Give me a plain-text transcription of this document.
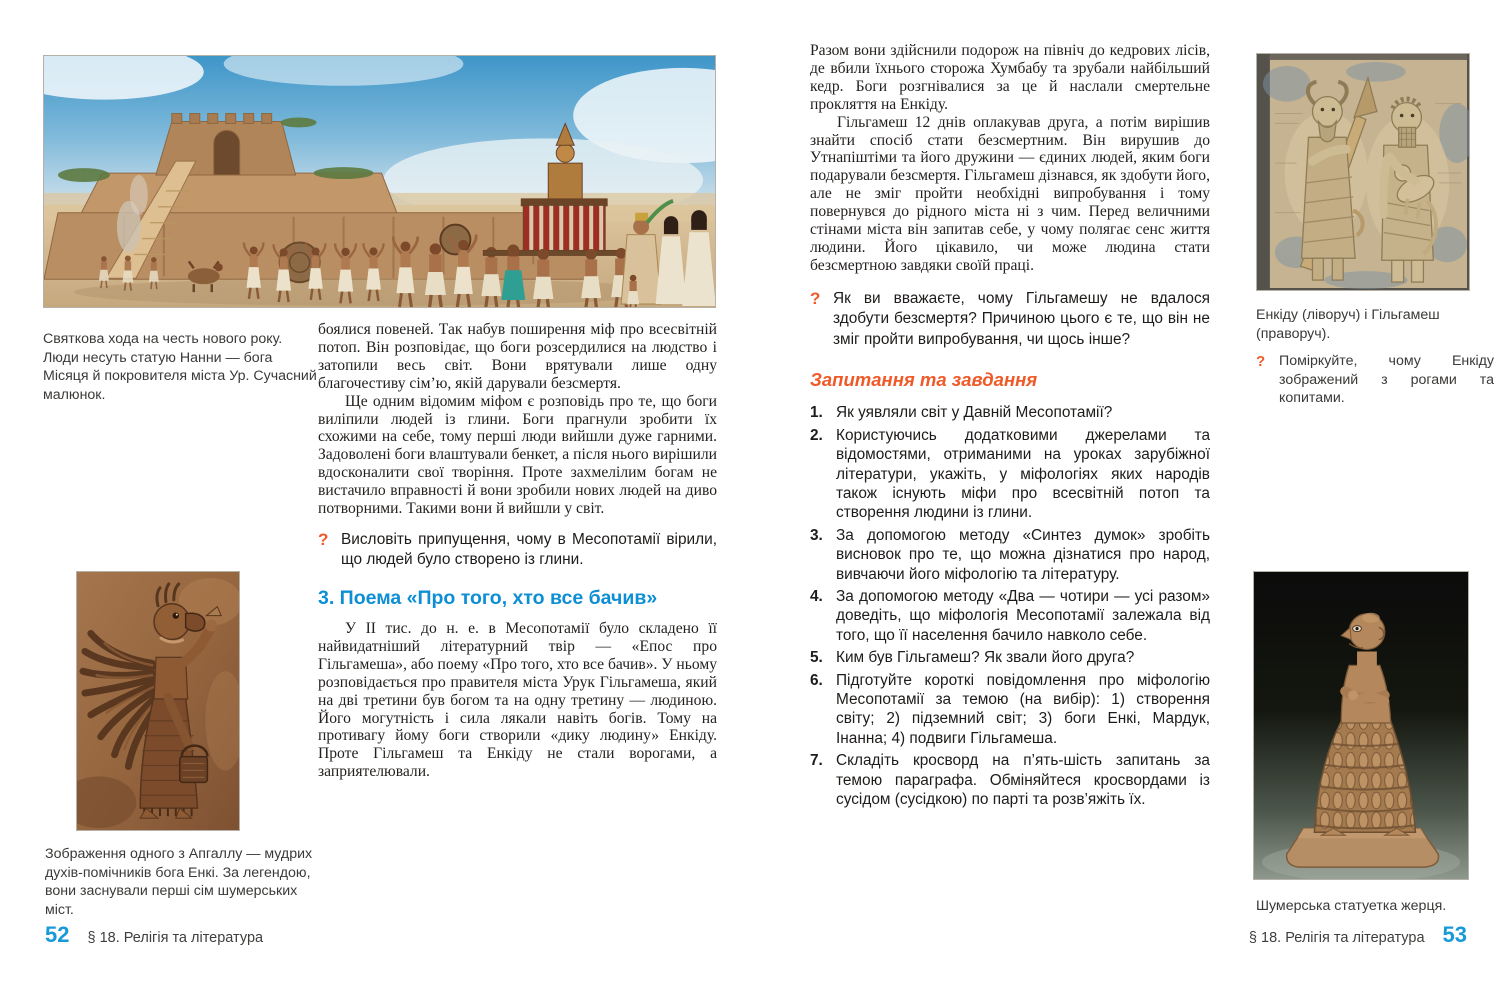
Святкова хода на честь нового року. Люди несуть статую Нанни — бога Місяця й покровителя міста Ур. Сучасний малюнок.

боялися повеней. Так набув поширення міф про всесвітній потоп. Він розповідає, що боги розсердилися на людство і затопили весь світ. Вони врятували лише одну благочестиву сім’ю, якій дарували безсмертя.

Ще одним відомим міфом є розповідь про те, що боги виліпили людей із глини. Боги прагнули зробити їх схожими на себе, тому перші люди вийшли дуже гарними. Задоволені боги влаштували бенкет, а після нього вирішили вдосконалити свої творіння. Проте захмелілим богам не вистачило вправності й вони зробили нових людей на диво потворними. Такими вони й вийшли у світ.

? Висловіть припущення, чому в Месопотамії вірили, що людей було створено із глини.
3. Поема «Про того, хто все бачив»

У II тис. до н. е. в Месопотамії було складено її найвидатніший літературний твір — «Епос про Гільгамеша», або поему «Про того, хто все бачив». У ньому розповідається про правителя міста Урук Гільгамеша, який на дві третини був богом та на одну третину — людиною. Його могутність і сила лякали навіть богів. Тому на противагу йому боги створили «дику людину» Енкіду. Проте Гільгамеш та Енкіду не стали ворогами, а заприятелювали.

Зображення одного з Апгаллу — мудрих духів-помічників бога Енкі. За легендою, вони заснували перші сім шумерських міст.
52 § 18. Релігія та література

Разом вони здійснили подорож на північ до кедрових лісів, де вбили їхнього сторожа Хумбабу та зрубали найбільший кедр. Боги розгнівалися за це й наслали смертельне прокляття на Енкіду.

Гільгамеш 12 днів оплакував друга, а потім вирішив знайти спосіб стати безсмертним. Він вирушив до Утнапіштіми та його дружини — єдиних людей, яким боги подарували безсмертя. Гільгамеш дізнався, як здобути його, але не зміг пройти необхідні випробування і тому повернувся до рідного міста ні з чим. Перед величними стінами міста він запитав себе, у чому полягає сенс життя людини. Його цікавило, чи може людина стати безсмертною завдяки своїй праці.

? Як ви вважаєте, чому Гільгамешу не вдалося здобути безсмертя? Причиною цього є те, що він не зміг пройти випробування, чи щось інше?
Запитання та завдання
1. Як уявляли світ у Давній Месопотамії?
2. Користуючись додатковими джерелами та відомостями, отриманими на уроках зарубіжної літератури, укажіть, у міфологіях яких народів також існують міфи про всесвітній потоп та створення людини із глини.
3. За допомогою методу «Синтез думок» зробіть висновок про те, що можна дізнатися про народ, вивчаючи його міфологію та літературу.
4. За допомогою методу «Два — чотири — усі разом» доведіть, що міфологія Месопотамії залежала від того, що її населення бачило навколо себе.
5. Ким був Гільгамеш? Як звали його друга?
6. Підготуйте короткі повідомлення про міфологію Месопотамії за темою (на вибір): 1) створення світу; 2) підземний світ; 3) боги Енкі, Мардук, Інанна; 4) подвиги Гільгамеша.
7. Складіть кросворд на п’ять-шість запитань за темою параграфа. Обміняйтеся кросвордами із сусідом (сусідкою) по парті та розв’яжіть їх.
Енкіду (ліворуч) і Гільгамеш (праворуч).
? Поміркуйте, чому Енкіду зображений з рогами та копитами.
Шумерська статуетка жерця.
§ 18. Релігія та література 53
